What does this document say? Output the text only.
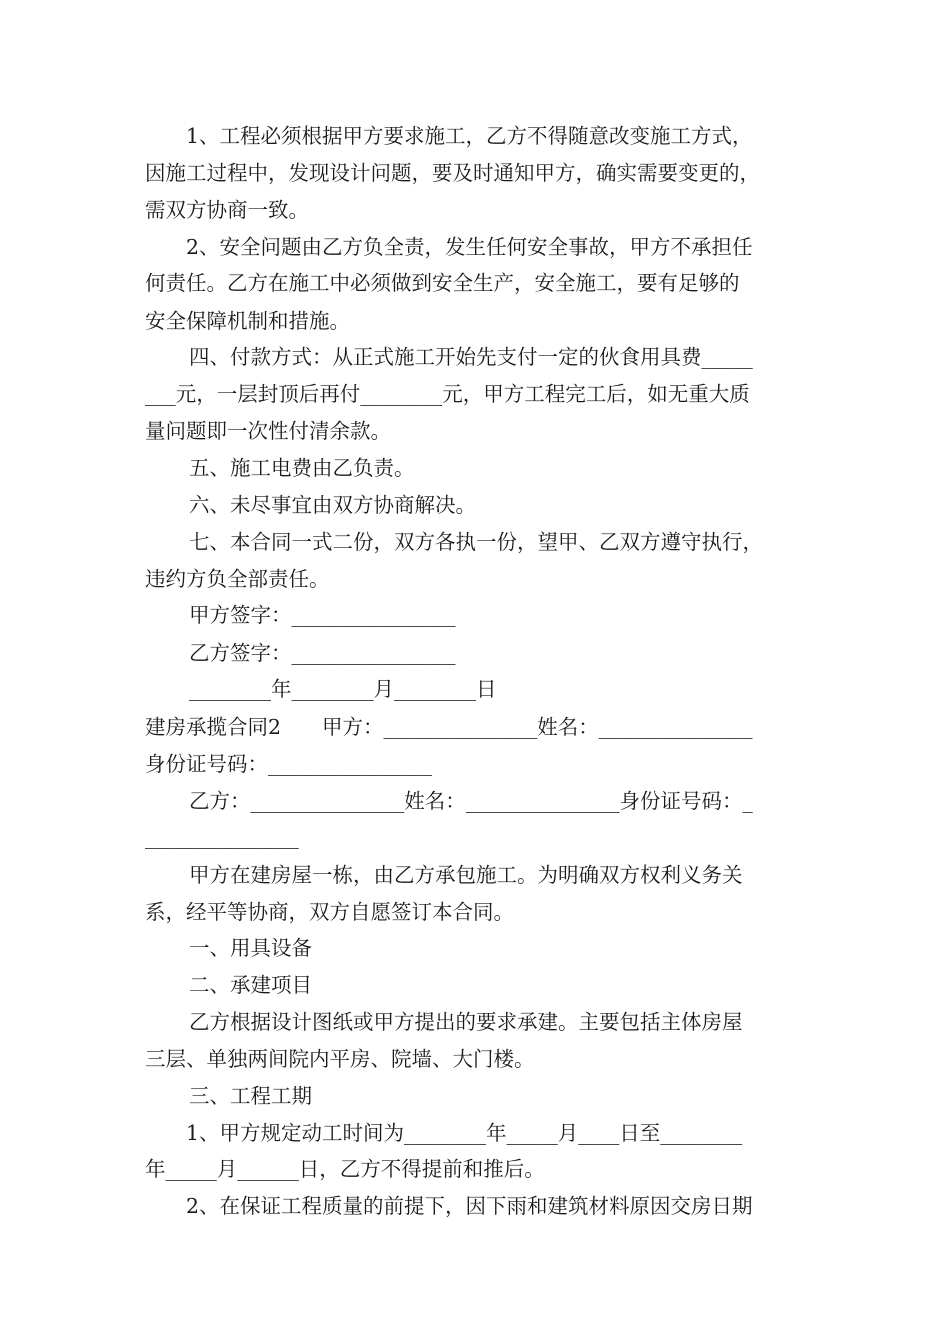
1、工程必须根据甲方要求施工，乙方不得随意改变施工方式，
因施工过程中，发现设计问题，要及时通知甲方，确实需要变更的，
需双方协商一致。
2、安全问题由乙方负全责，发生任何安全事故，甲方不承担任
何责任。乙方在施工中必须做到安全生产，安全施工，要有足够的
安全保障机制和措施。
四、付款方式：从正式施工开始先支付一定的伙食用具费_____
___元，一层封顶后再付________元，甲方工程完工后，如无重大质
量问题即一次性付清余款。
五、施工电费由乙负责。
六、未尽事宜由双方协商解决。
七、本合同一式二份，双方各执一份，望甲、乙双方遵守执行，
违约方负全部责任。
甲方签字：________________
乙方签字：________________
________年________月________日
建房承揽合同2　　甲方：_______________姓名：_______________
身份证号码：________________
乙方：_______________姓名：_______________身份证号码：_
_______________
甲方在建房屋一栋，由乙方承包施工。为明确双方权利义务关
系，经平等协商，双方自愿签订本合同。
一、用具设备
二、承建项目
乙方根据设计图纸或甲方提出的要求承建。主要包括主体房屋
三层、单独两间院内平房、院墙、大门楼。
三、工程工期
1、甲方规定动工时间为________年_____月____日至________
年_____月______日，乙方不得提前和推后。
2、在保证工程质量的前提下，因下雨和建筑材料原因交房日期
